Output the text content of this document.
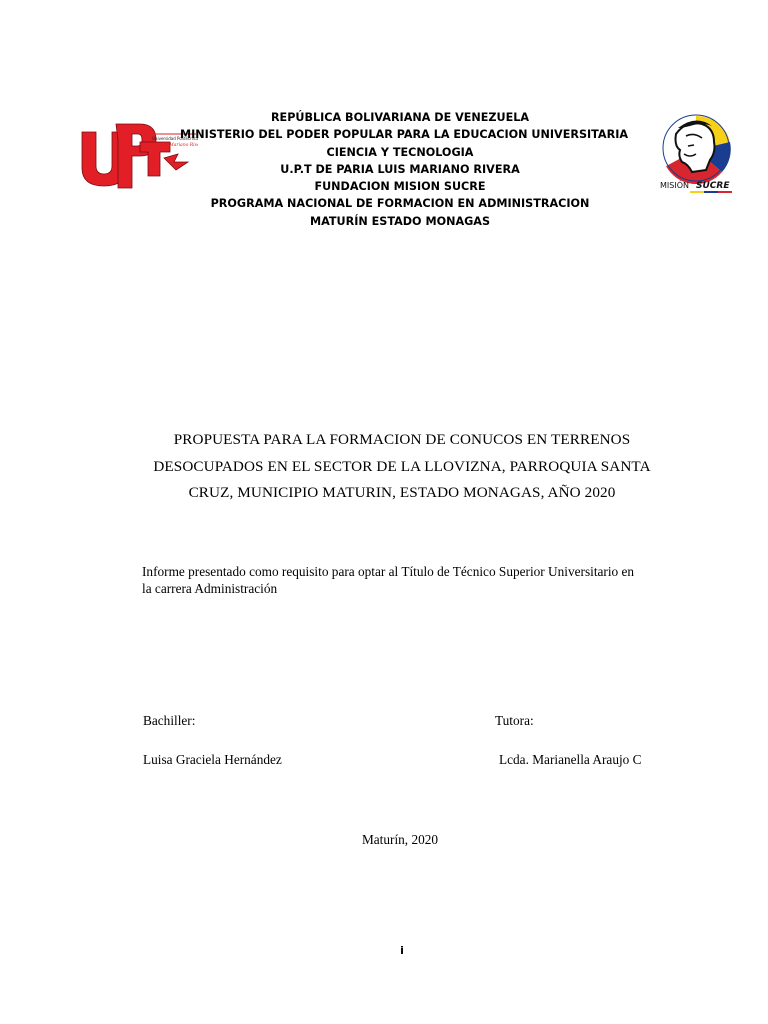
Universidad Politécnica
"Luis Mariano Riv
MISIÓN SUCRE
REPÚBLICA BOLIVARIANA DE VENEZUELA
MINISTERIO DEL PODER POPULAR PARA LA EDUCACION UNIVERSITARIA
CIENCIA Y TECNOLOGIA
U.P.T DE PARIA LUIS MARIANO RIVERA
FUNDACION MISION SUCRE
PROGRAMA NACIONAL DE FORMACION EN ADMINISTRACION
MATURÍN ESTADO MONAGAS
PROPUESTA PARA LA FORMACION DE CONUCOS EN TERRENOS
DESOCUPADOS EN EL SECTOR DE LA LLOVIZNA, PARROQUIA SANTA
CRUZ, MUNICIPIO MATURIN, ESTADO MONAGAS, AÑO 2020
Informe presentado como requisito para optar al Título de Técnico Superior Universitario en
la carrera Administración
Bachiller:	Tutora:
Luisa Graciela Hernández	Lcda. Marianella Araujo C
Maturín, 2020
i
